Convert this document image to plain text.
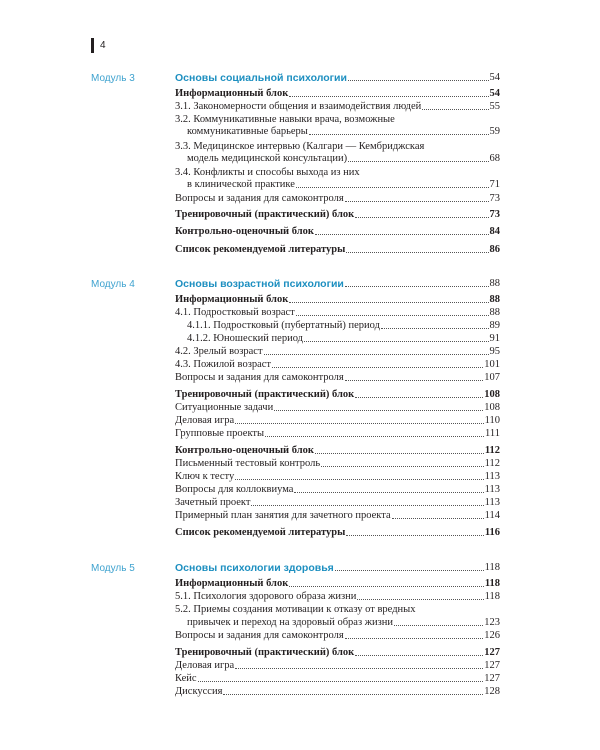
4
Модуль 3	Основы социальной психологии	54
Информационный блок	54
3.1. Закономерности общения и взаимодействия людей	55
3.2. Коммуникативные навыки врача, возможные
коммуникативные барьеры	59
3.3. Медицинское интервью (Калгари — Кембриджская
модель медицинской консультации)	68
3.4. Конфликты и способы выхода из них
в клинической практике	71
Вопросы и задания для самоконтроля	73
Тренировочный (практический) блок	73
Контрольно-оценочный блок	84
Список рекомендуемой литературы	86
Модуль 4	Основы возрастной психологии	88
Информационный блок	88
4.1. Подростковый возраст	88
4.1.1. Подростковый (пубертатный) период	89
4.1.2. Юношеский период	91
4.2. Зрелый возраст	95
4.3. Пожилой возраст	101
Вопросы и задания для самоконтроля	107
Тренировочный (практический) блок	108
Ситуационные задачи	108
Деловая игра	110
Групповые проекты	111
Контрольно-оценочный блок	112
Письменный тестовый контроль	112
Ключ к тесту	113
Вопросы для коллоквиума	113
Зачетный проект	113
Примерный план занятия для зачетного проекта	114
Список рекомендуемой литературы	116
Модуль 5	Основы психологии здоровья	118
Информационный блок	118
5.1. Психология здорового образа жизни	118
5.2. Приемы создания мотивации к отказу от вредных
привычек и переход на здоровый образ жизни	123
Вопросы и задания для самоконтроля	126
Тренировочный (практический) блок	127
Деловая игра	127
Кейс	127
Дискуссия	128
